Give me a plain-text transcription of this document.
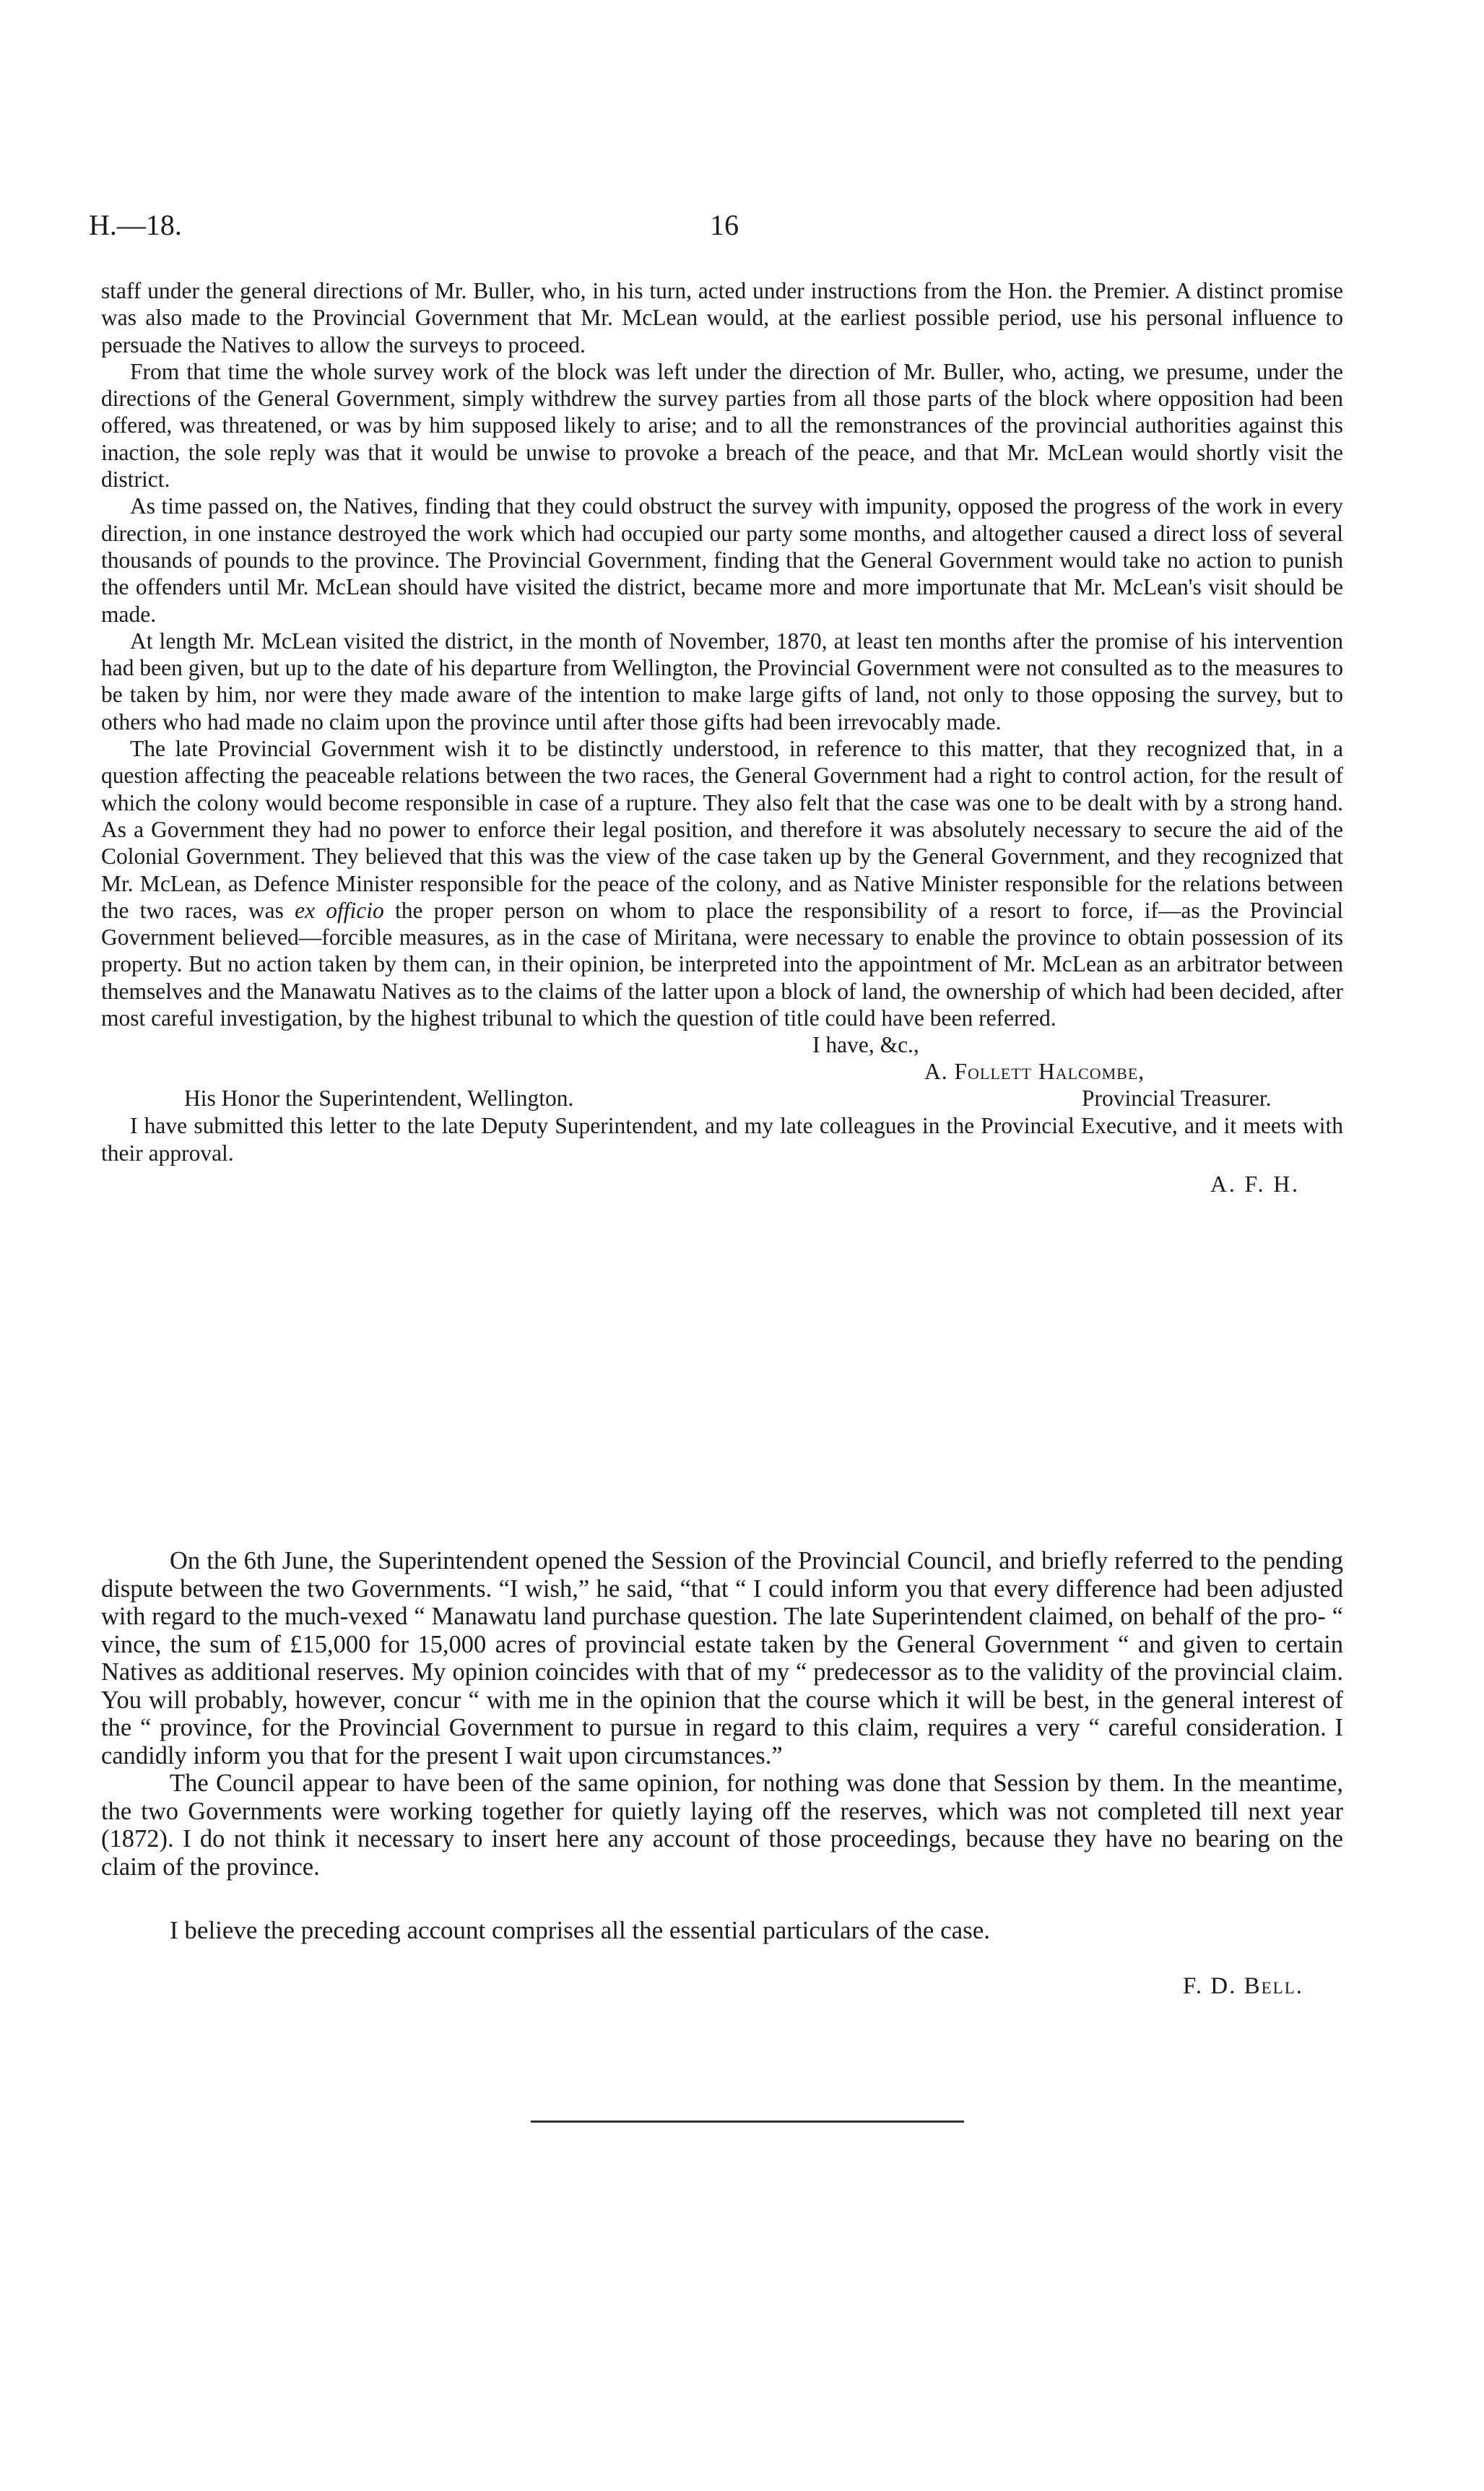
H.—18.	16

staff under the general directions of Mr. Buller, who, in his turn, acted under instructions from the Hon. the Premier. A distinct promise was also made to the Provincial Government that Mr. McLean would, at the earliest possible period, use his personal influence to persuade the Natives to allow the surveys to proceed.

From that time the whole survey work of the block was left under the direction of Mr. Buller, who, acting, we presume, under the directions of the General Government, simply withdrew the survey parties from all those parts of the block where opposition had been offered, was threatened, or was by him supposed likely to arise; and to all the remonstrances of the provincial authorities against this inaction, the sole reply was that it would be unwise to provoke a breach of the peace, and that Mr. McLean would shortly visit the district.

As time passed on, the Natives, finding that they could obstruct the survey with impunity, opposed the progress of the work in every direction, in one instance destroyed the work which had occupied our party some months, and altogether caused a direct loss of several thousands of pounds to the province. The Provincial Government, finding that the General Government would take no action to punish the offenders until Mr. McLean should have visited the district, became more and more importunate that Mr. McLean's visit should be made.

At length Mr. McLean visited the district, in the month of November, 1870, at least ten months after the promise of his intervention had been given, but up to the date of his departure from Wellington, the Provincial Government were not consulted as to the measures to be taken by him, nor were they made aware of the intention to make large gifts of land, not only to those opposing the survey, but to others who had made no claim upon the province until after those gifts had been irrevocably made.

The late Provincial Government wish it to be distinctly understood, in reference to this matter, that they recognized that, in a question affecting the peaceable relations between the two races, the General Government had a right to control action, for the result of which the colony would become responsible in case of a rupture. They also felt that the case was one to be dealt with by a strong hand. As a Government they had no power to enforce their legal position, and therefore it was absolutely necessary to secure the aid of the Colonial Government. They believed that this was the view of the case taken up by the General Government, and they recognized that Mr. McLean, as Defence Minister responsible for the peace of the colony, and as Native Minister responsible for the relations between the two races, was ex officio the proper person on whom to place the responsibility of a resort to force, if—as the Provincial Government believed—forcible measures, as in the case of Miritana, were necessary to enable the province to obtain possession of its property. But no action taken by them can, in their opinion, be interpreted into the appointment of Mr. McLean as an arbitrator between themselves and the Manawatu Natives as to the claims of the latter upon a block of land, the ownership of which had been decided, after most careful investigation, by the highest tribunal to which the question of title could have been referred.

I have, &c.,
A. Follett Halcombe,
His Honor the Superintendent, Wellington.	Provincial Treasurer.

I have submitted this letter to the late Deputy Superintendent, and my late colleagues in the Provincial Executive, and it meets with their approval.

A. F. H.

On the 6th June, the Superintendent opened the Session of the Provincial Council, and briefly referred to the pending dispute between the two Governments. “I wish,” he said, “that “ I could inform you that every difference had been adjusted with regard to the much-vexed “ Manawatu land purchase question. The late Superintendent claimed, on behalf of the pro- “ vince, the sum of £15,000 for 15,000 acres of provincial estate taken by the General Government “ and given to certain Natives as additional reserves. My opinion coincides with that of my “ predecessor as to the validity of the provincial claim. You will probably, however, concur “ with me in the opinion that the course which it will be best, in the general interest of the “ province, for the Provincial Government to pursue in regard to this claim, requires a very “ careful consideration. I candidly inform you that for the present I wait upon circumstances.”

The Council appear to have been of the same opinion, for nothing was done that Session by them. In the meantime, the two Governments were working together for quietly laying off the reserves, which was not completed till next year (1872). I do not think it necessary to insert here any account of those proceedings, because they have no bearing on the claim of the province.

I believe the preceding account comprises all the essential particulars of the case.

F. D. Bell.
